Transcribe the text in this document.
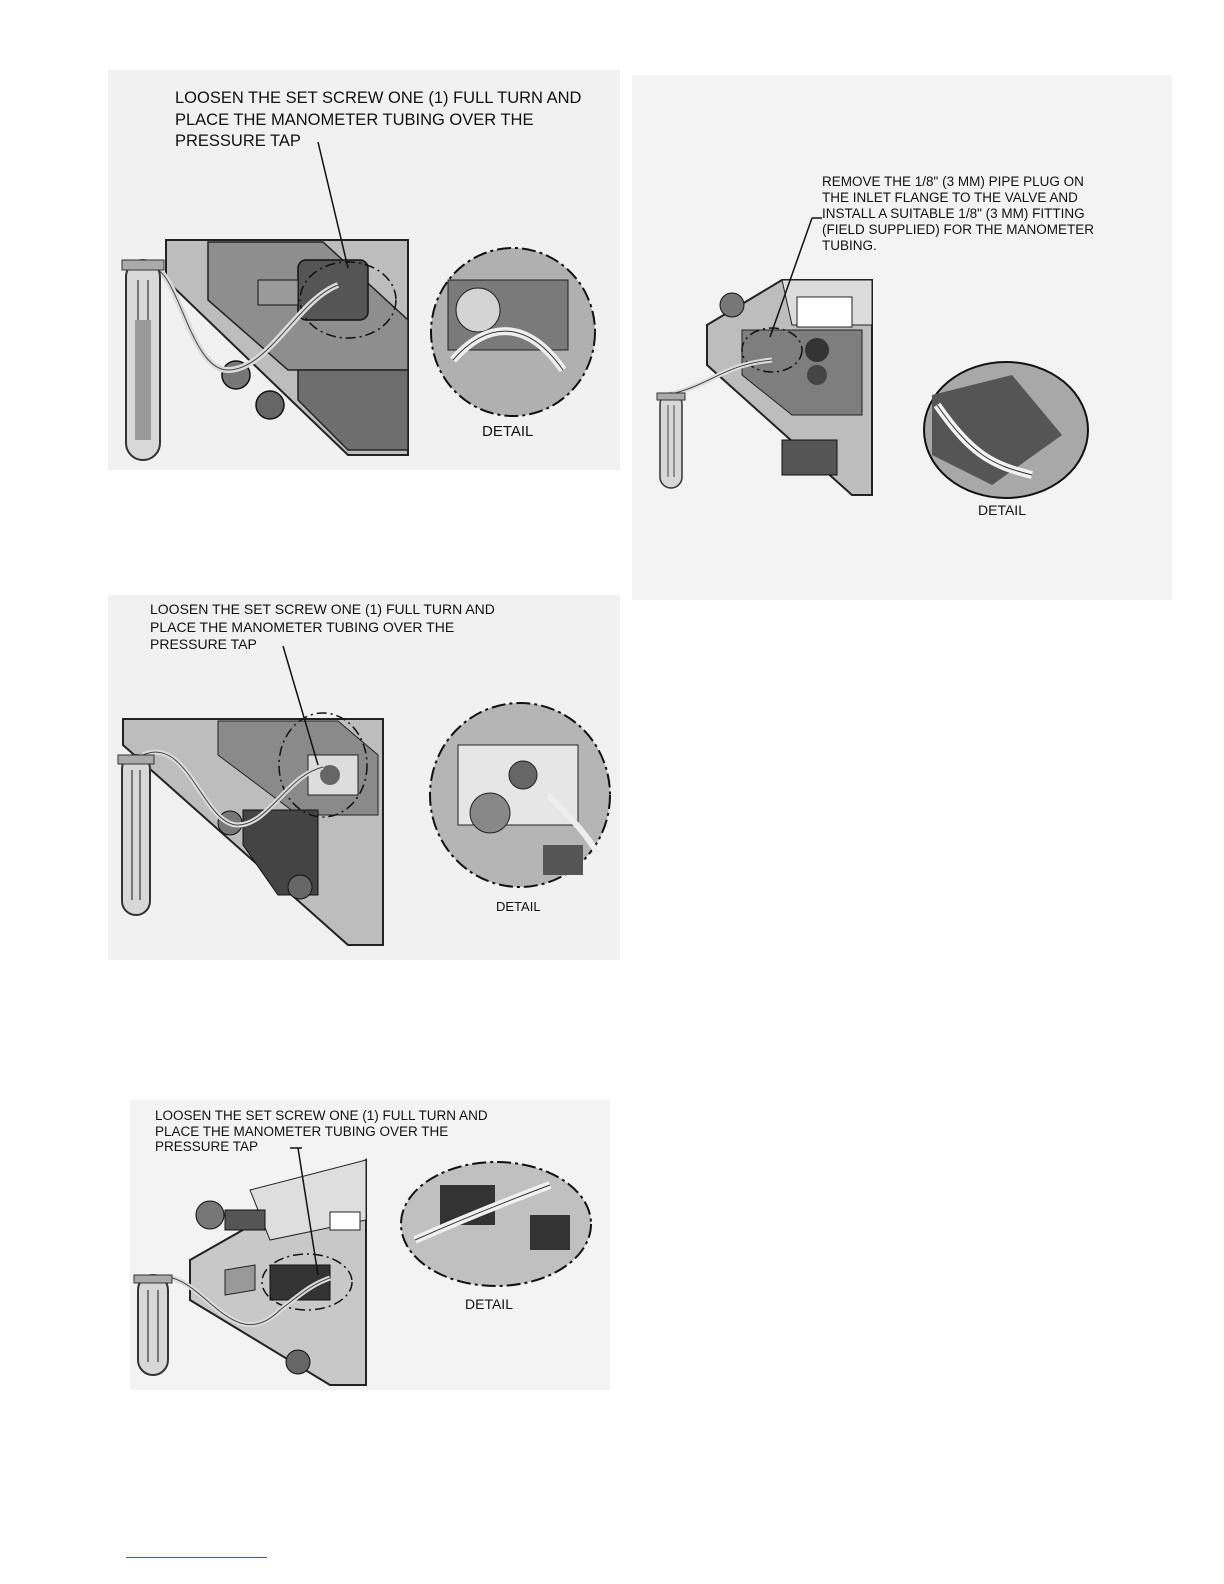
LOOSEN THE SET SCREW ONE (1) FULL TURN AND
PLACE THE MANOMETER TUBING OVER THE
PRESSURE TAP

DETAIL

REMOVE THE 1/8" (3 MM) PIPE PLUG ON
THE INLET FLANGE TO THE VALVE AND
INSTALL A SUITABLE 1/8" (3 MM) FITTING
(FIELD SUPPLIED) FOR THE MANOMETER
TUBING.

DETAIL

LOOSEN THE SET SCREW ONE (1) FULL TURN AND
PLACE THE MANOMETER TUBING OVER THE
PRESSURE TAP

DETAIL

LOOSEN THE SET SCREW ONE (1) FULL TURN AND
PLACE THE MANOMETER TUBING OVER THE
PRESSURE TAP

DETAIL
